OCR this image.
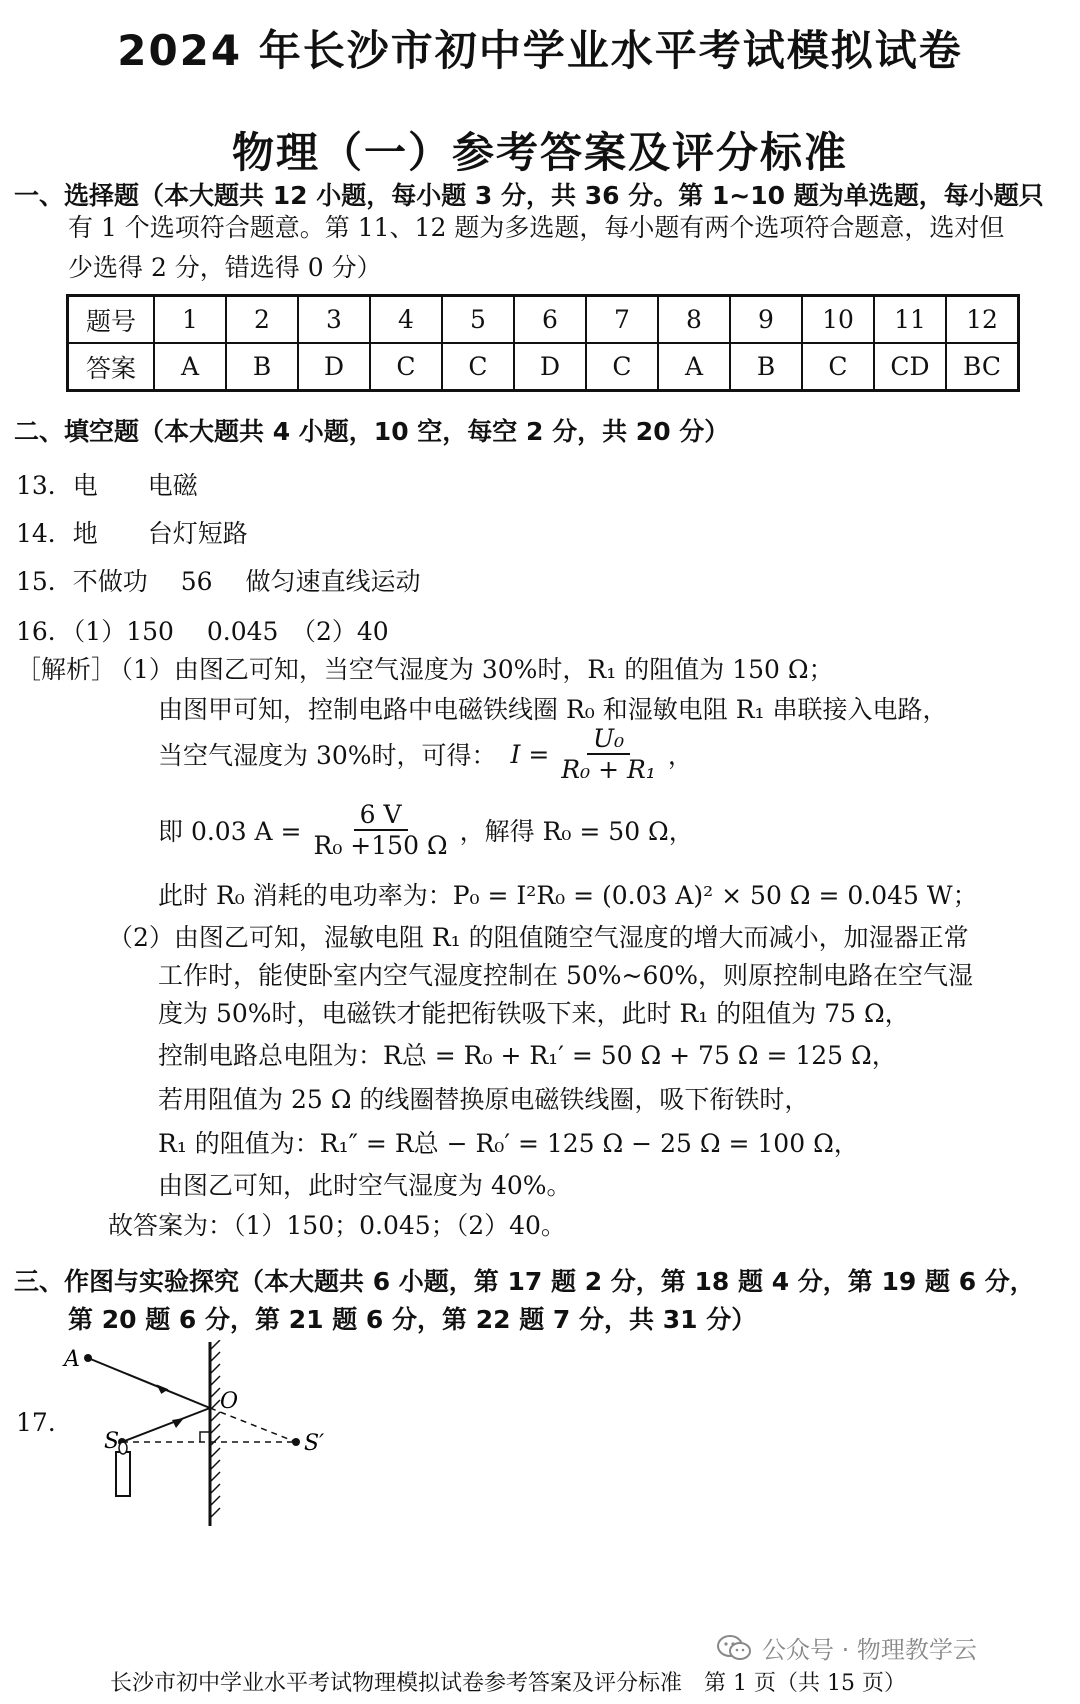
2024 年长沙市初中学业水平考试模拟试卷
物理（一）参考答案及评分标准
一、选择题（本大题共 12 小题，每小题 3 分，共 36 分。第 1~10 题为单选题，每小题只
有 1 个选项符合题意。第 11、12 题为多选题，每小题有两个选项符合题意，选对但
少选得 2 分，错选得 0 分）
题号	1	2	3	4	5	6	7	8	9	10	11	12
答案	A	B	D	C	C	D	C	A	B	C	CD	BC
二、填空题（本大题共 4 小题，10 空，每空 2 分，共 20 分）
13．电　　电磁
14．地　　台灯短路
15．不做功　 56　 做匀速直线运动
16．（1）150　 0.045　（2）40
［解析］
（1）由图乙可知，当空气湿度为 30%时，R₁ 的阻值为 150 Ω；
由图甲可知，控制电路中电磁铁线圈 R₀ 和湿敏电阻 R₁ 串联接入电路，
当空气湿度为 30%时，可得： $I = \frac{\text{U₀}}{\text{R₀ + R₁}}$ ，
即 0.03 $A = \frac{6 V}{\text{R₀ +150 Ω}}$ ，解得 R₀ = 50 Ω，
此时 R₀ 消耗的电功率为：P₀ = I²R₀ = (0.03 A)² × 50 Ω = 0.045 W；
（2）由图乙可知，湿敏电阻 R₁ 的阻值随空气湿度的增大而减小，加湿器正常
工作时，能使卧室内空气湿度控制在 50%~60%，则原控制电路在空气湿
度为 50%时，电磁铁才能把衔铁吸下来，此时 R₁ 的阻值为 75 Ω，
控制电路总电阻为：R总 = R₀ + R₁′ = 50 Ω + 75 Ω = 125 Ω，
若用阻值为 25 Ω 的线圈替换原电磁铁线圈，吸下衔铁时，
R₁ 的阻值为：R₁″ = R总 − R₀′ = 125 Ω − 25 Ω = 100 Ω，
由图乙可知，此时空气湿度为 40%。
故答案为：（1）150；0.045；（2）40。
三、作图与实验探究（本大题共 6 小题，第 17 题 2 分，第 18 题 4 分，第 19 题 6 分，
第 20 题 6 分，第 21 题 6 分，第 22 题 7 分，共 31 分）
17.
A
O
S	S′
长沙市初中学业水平考试物理模拟试卷参考答案及评分标准　第 1 页（共 15 页）
公众号 · 物理教学云
